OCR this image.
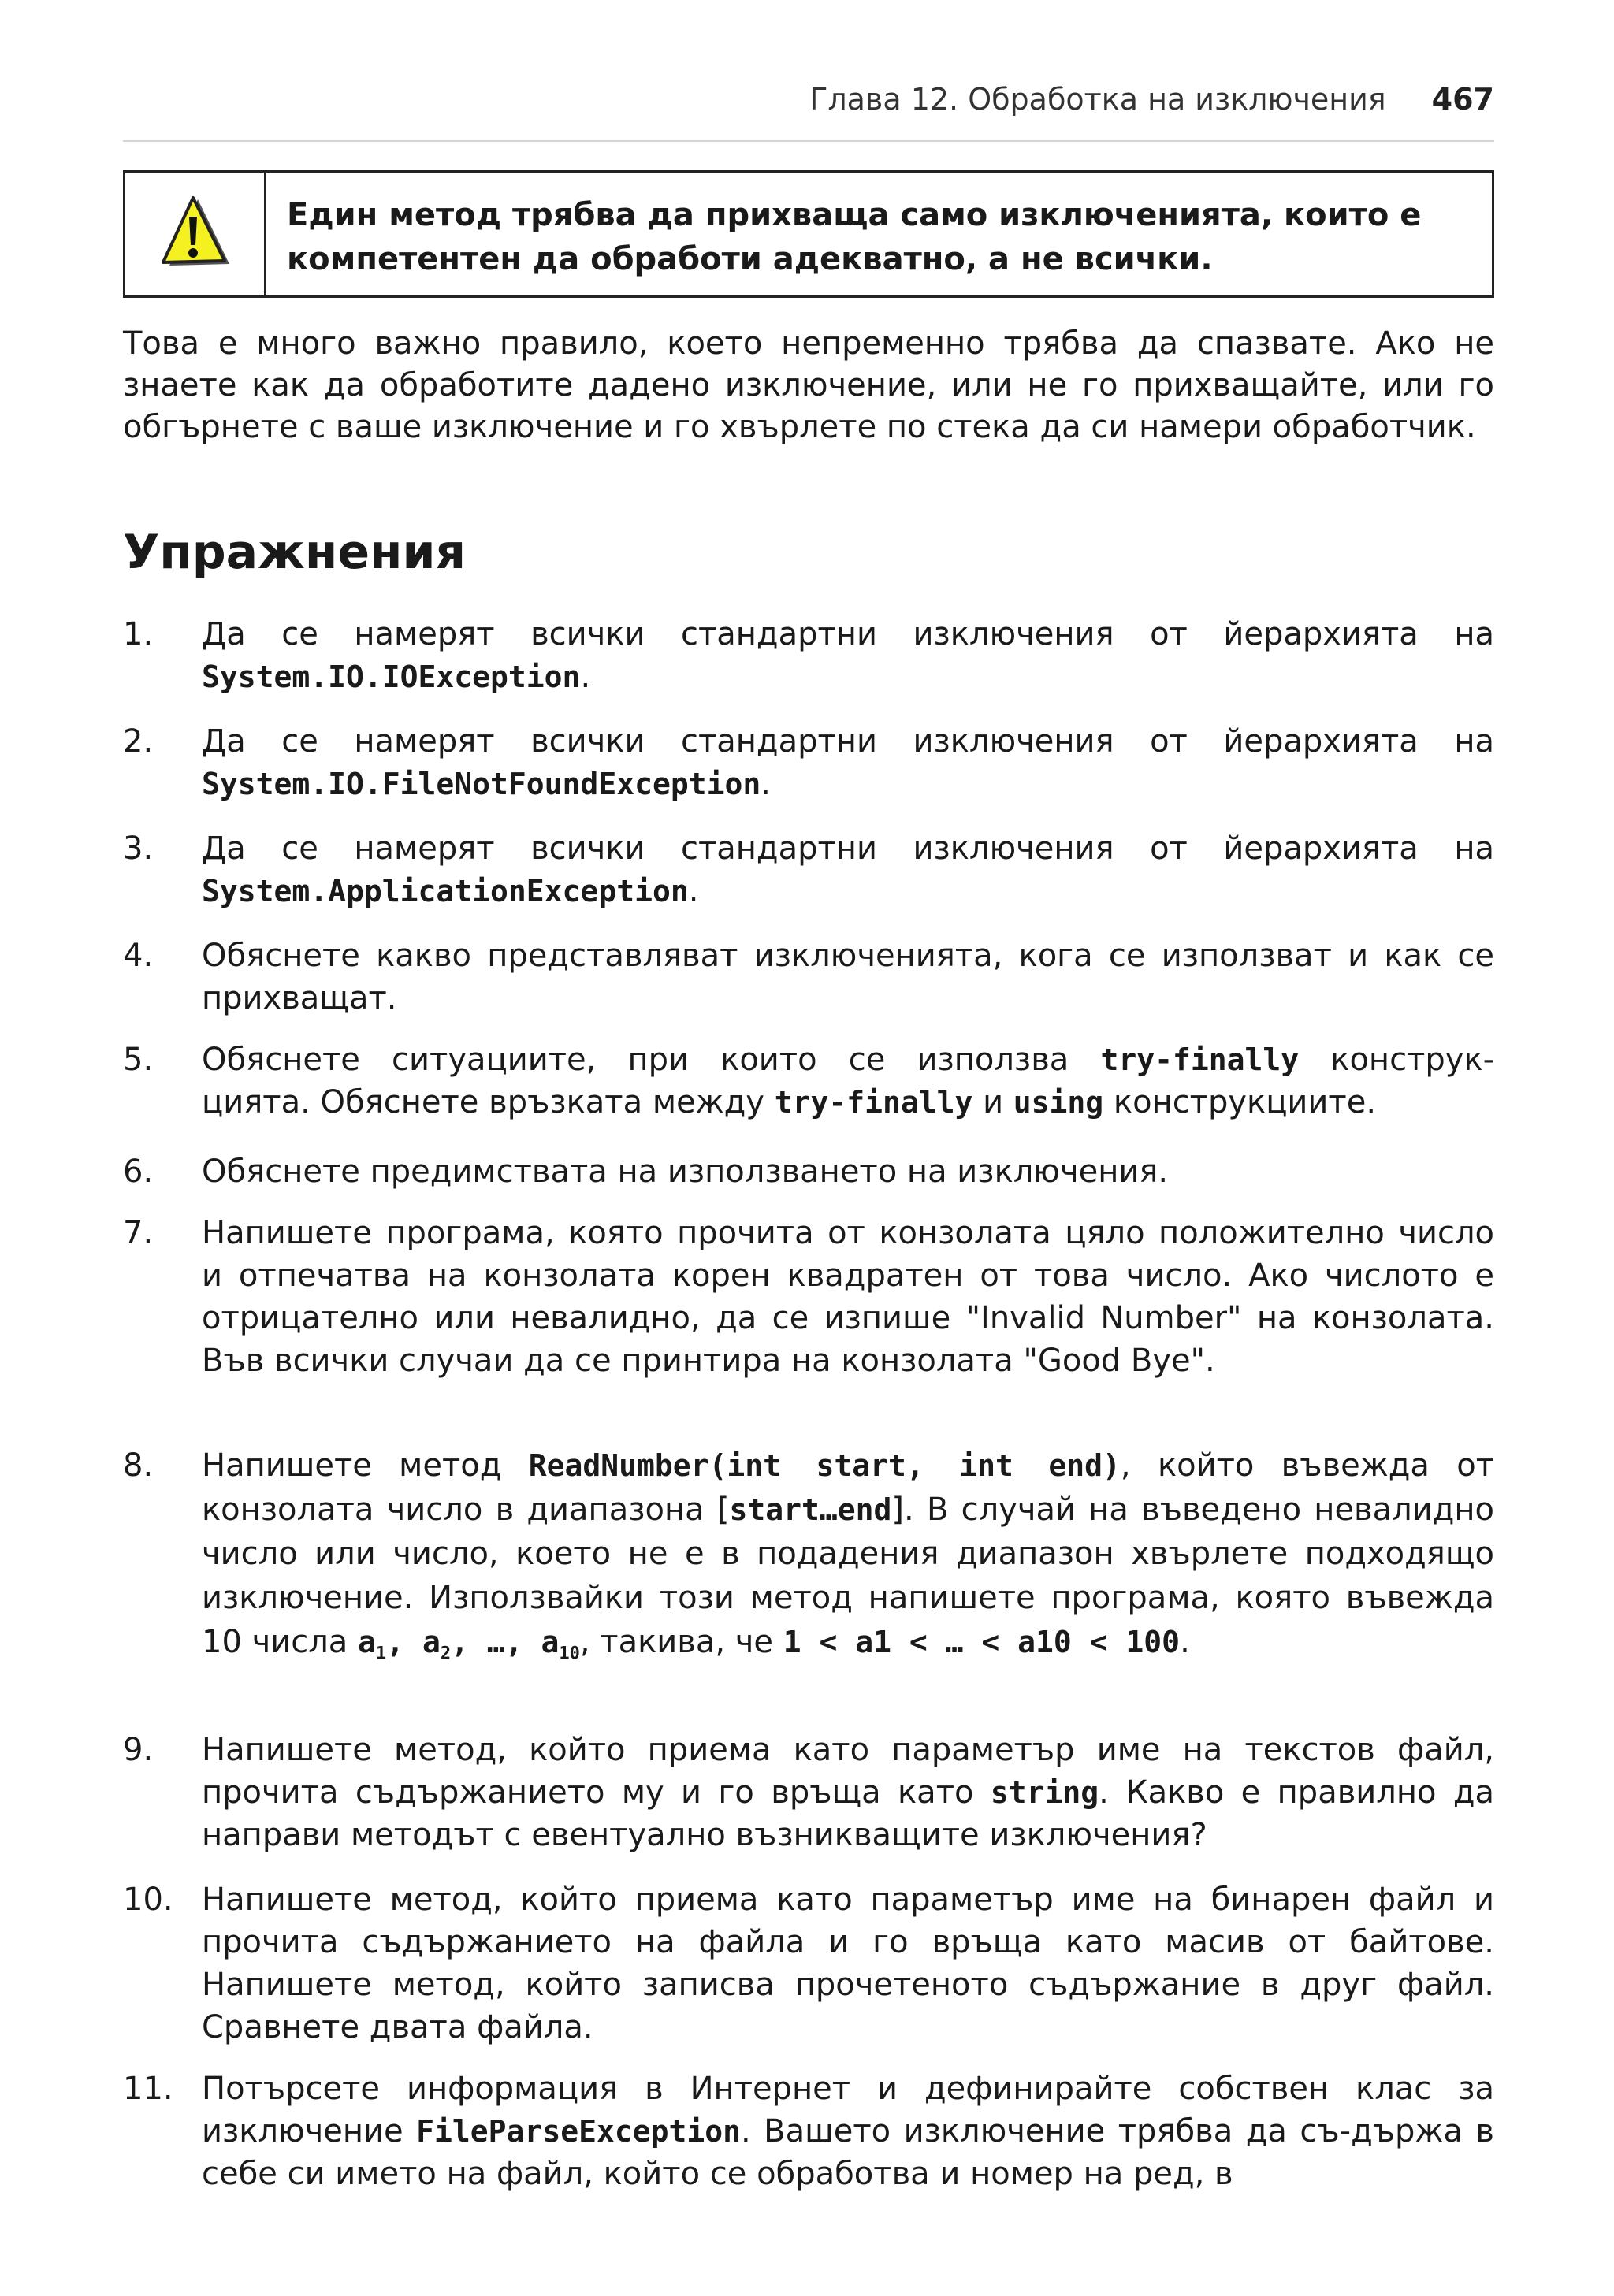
Глава 12. Обработка на изключения 467
Един метод трябва да прихваща само изключенията, които е компетентен да обработи адекватно, а не всички.
Това е много важно правило, което непременно трябва да спазвате. Ако не знаете как да обработите дадено изключение, или не го прихващайте, или го обгърнете с ваше изключение и го хвърлете по стека да си намери обработчик.
Упражнения
1. Да се намерят всички стандартни изключения от йерархията на
System.IO.IOException.
2. Да се намерят всички стандартни изключения от йерархията на
System.IO.FileNotFoundException.
3. Да се намерят всички стандартни изключения от йерархията на
System.ApplicationException.
4. Обяснете какво представляват изключенията, кога се използват и как се прихващат.
5. Обяснете ситуациите, при които се използва try-finally конструк-
цията. Обяснете връзката между try-finally и using конструкциите.
6. Обяснете предимствата на използването на изключения.
7. Напишете програма, която прочита от конзолата цяло положително число и отпечатва на конзолата корен квадратен от това число. Ако числото е отрицателно или невалидно, да се изпише "Invalid Number" на конзолата. Във всички случаи да се принтира на конзолата "Good Bye".
8. Напишете метод ReadNumber(int start, int end), който въвежда от конзолата число в диапазона [start…end]. В случай на въведено невалидно число или число, което не е в подадения диапазон хвърлете подходящо изключение. Използвайки този метод напишете програма, която въвежда 10 числа $a_1$, $a_2$, …, $a_{10}$, такива, че 1 < a1 < … < a10 < 100.
9. Напишете метод, който приема като параметър име на текстов файл, прочита съдържанието му и го връща като string. Какво е правилно да направи методът с евентуално възникващите изключения?
10. Напишете метод, който приема като параметър име на бинарен файл и прочита съдържанието на файла и го връща като масив от байтове. Напишете метод, който записва прочетеното съдържание в друг файл. Сравнете двата файла.
11. Потърсете информация в Интернет и дефинирайте собствен клас за изключение FileParseException. Вашето изключение трябва да съ-държа в себе си името на файл, който се обработва и номер на ред, в
